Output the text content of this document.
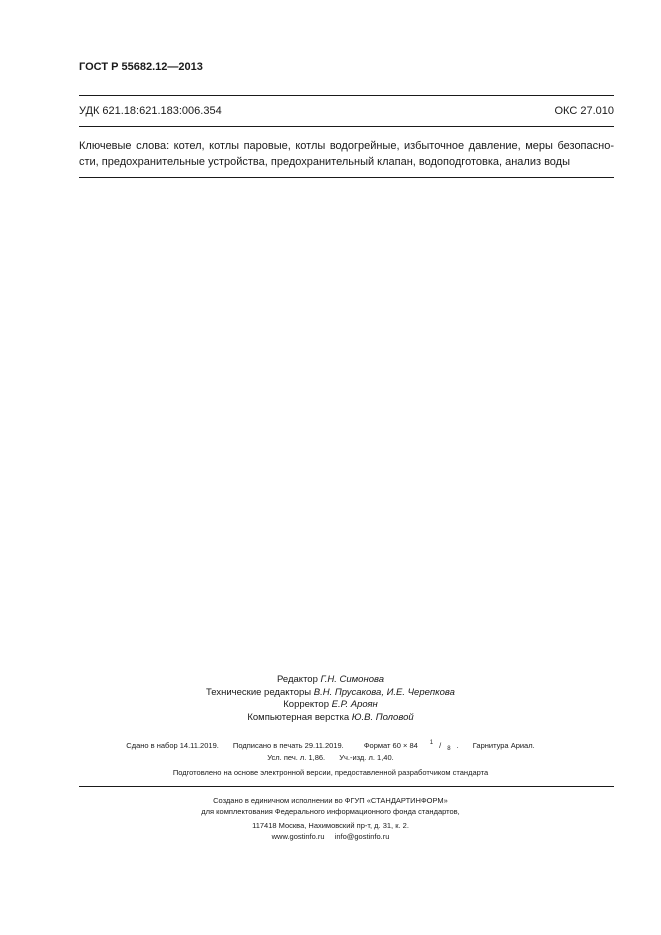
ГОСТ Р 55682.12—2013
УДК 621.18:621.183:006.354	ОКС 27.010
Ключевые слова: котел, котлы паровые, котлы водогрейные, избыточное давление, меры безопасно-
сти, предохранительные устройства, предохранительный клапан, водоподготовка, анализ воды
Редактор Г.Н. Симонова
Технические редакторы В.Н. Прусакова, И.Е. Черепкова
Корректор Е.Р. Ароян
Компьютерная верстка Ю.В. Половой
Сдано в набор 14.11.2019. Подписано в печать 29.11.2019.	Формат 60 × 84 $^1$ / $_8$ . Гарнитура Ариал.
Усл. печ. л. 1,86. Уч.-изд. л. 1,40.
Подготовлено на основе электронной версии, предоставленной разработчиком стандарта
Создано в единичном исполнении во ФГУП «СТАНДАРТИНФОРМ»
для комплектования Федерального информационного фонда стандартов,
117418 Москва, Нахимовский пр-т, д. 31, к. 2.
www.gostinfo.ru info@gostinfo.ru
